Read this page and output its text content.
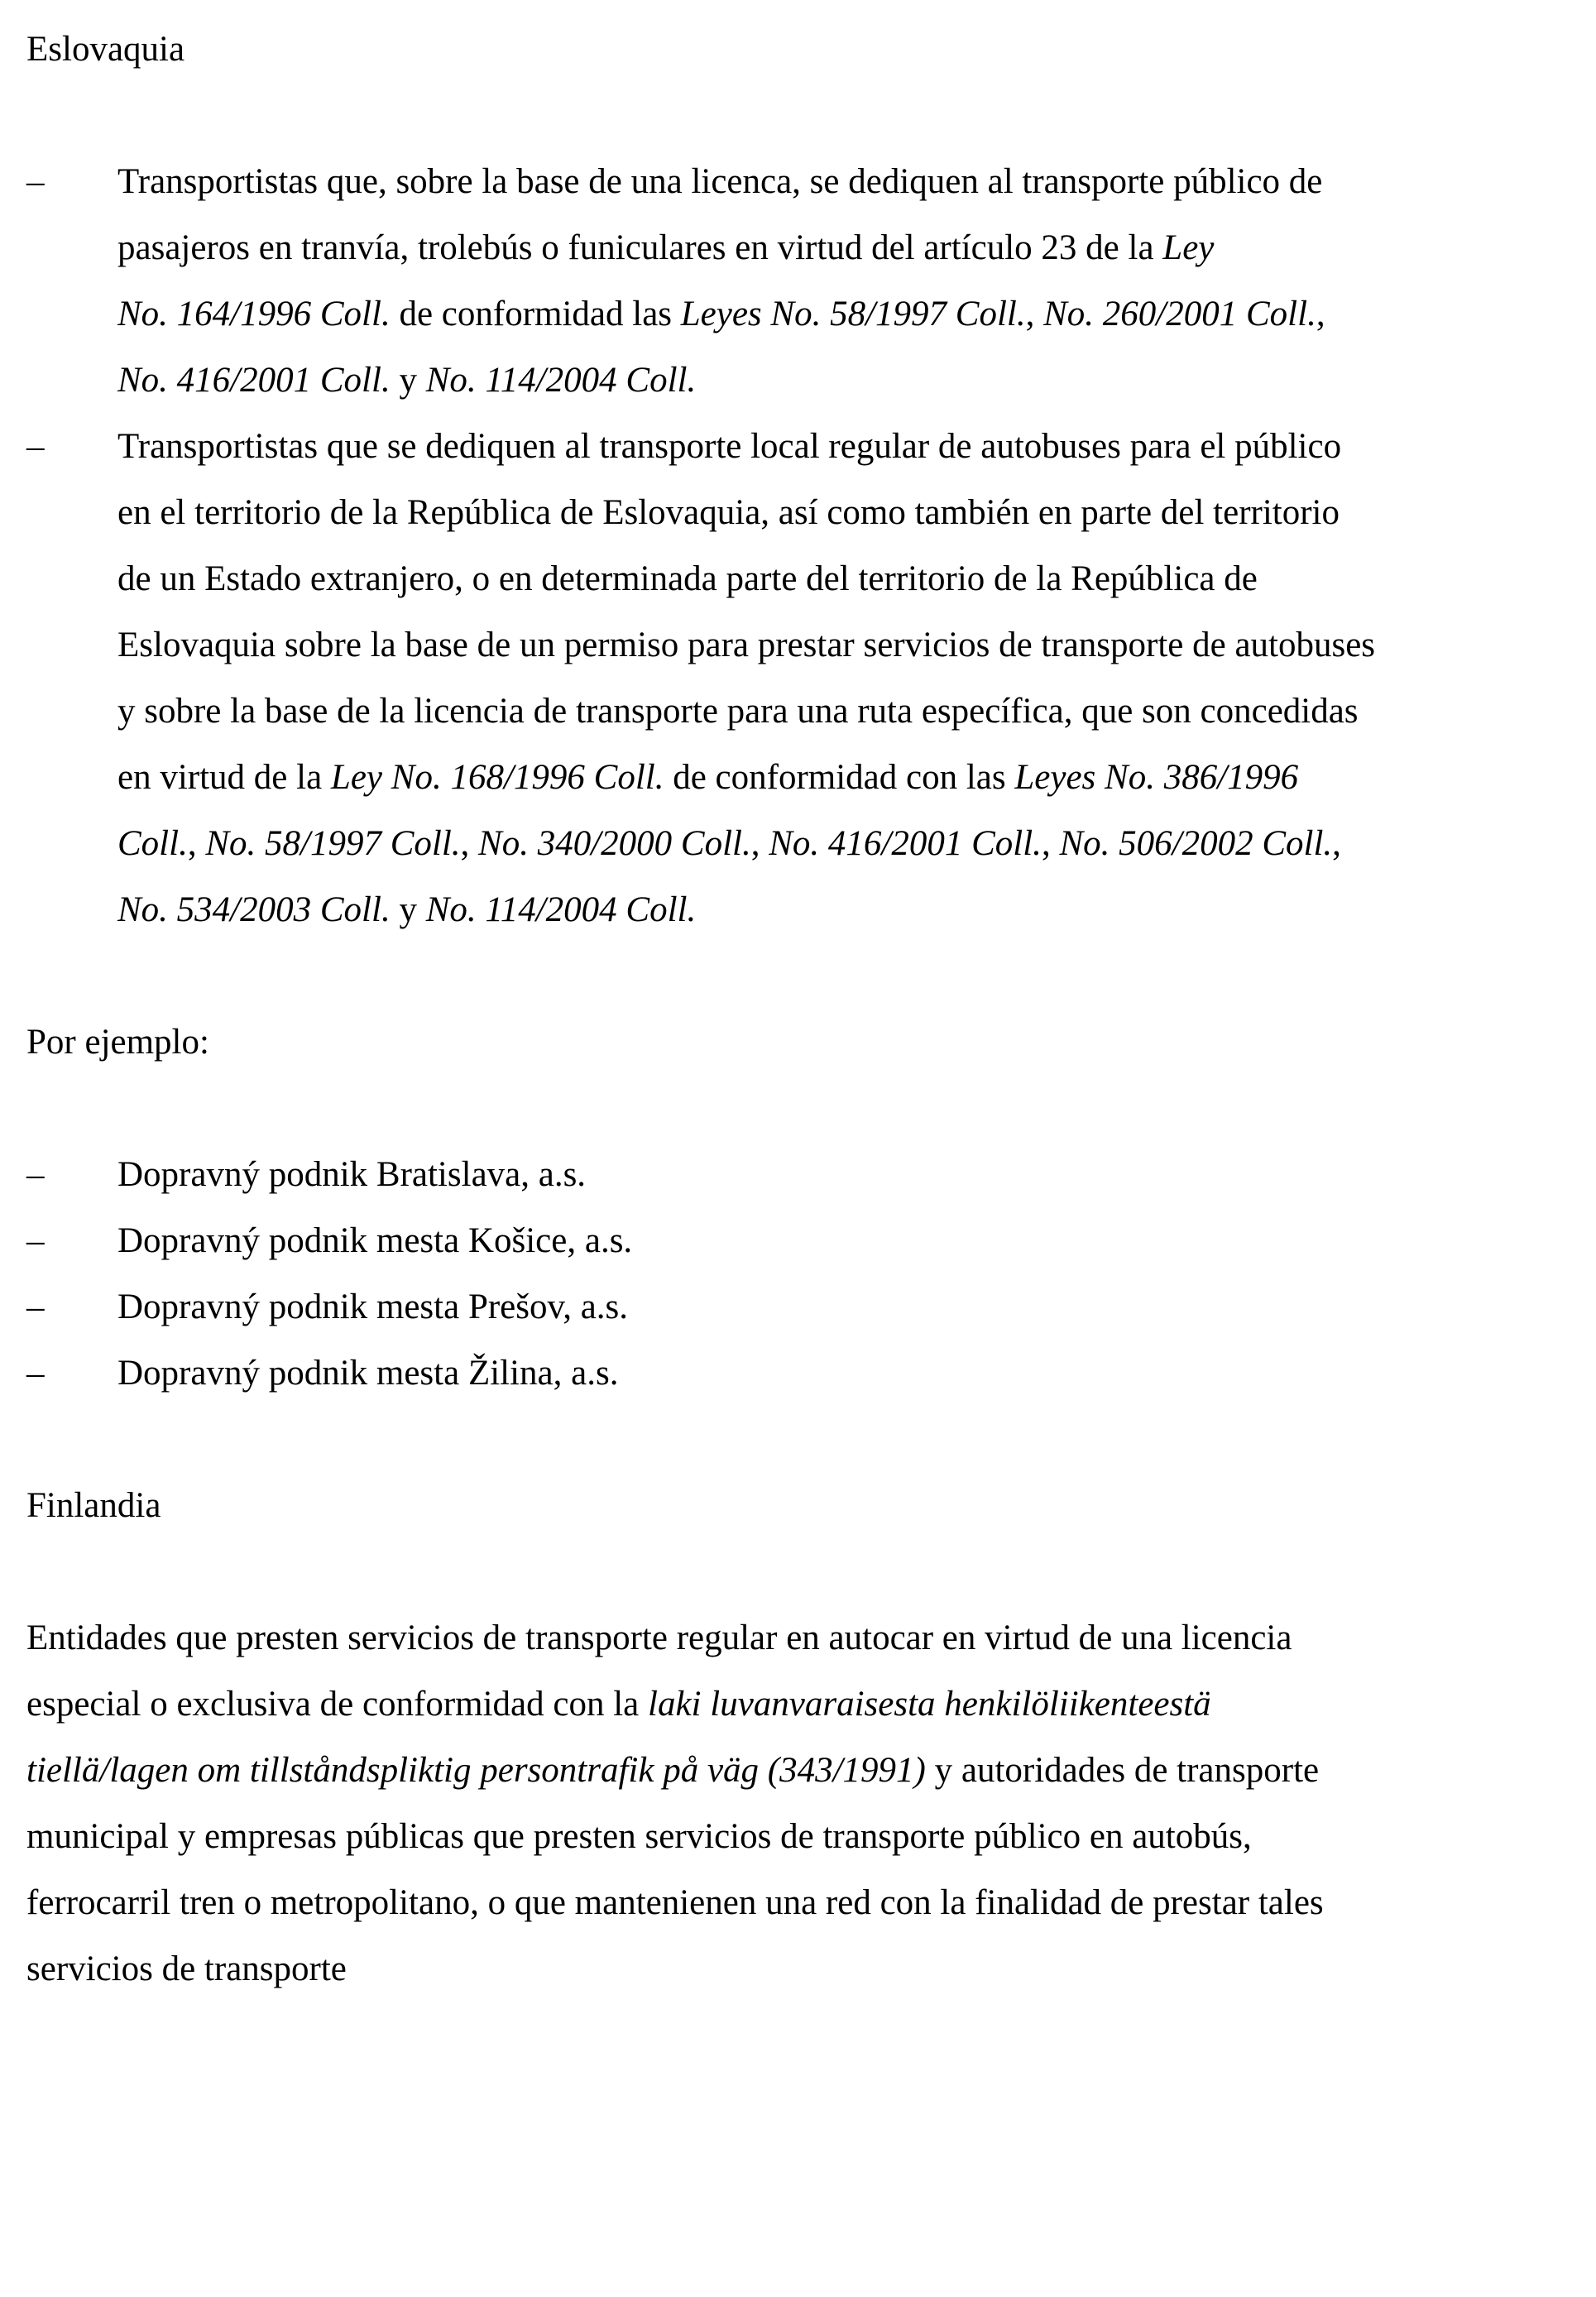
Eslovaquia

–	Transportistas que, sobre la base de una licenca, se dediquen al transporte público de
pasajeros en tranvía, trolebús o funiculares en virtud del artículo 23 de la Ley
No. 164/1996 Coll. de conformidad las Leyes No. 58/1997 Coll., No. 260/2001 Coll.,
No. 416/2001 Coll. y No. 114/2004 Coll.
–	Transportistas que se dediquen al transporte local regular de autobuses para el público
en el territorio de la República de Eslovaquia, así como también en parte del territorio
de un Estado extranjero, o en determinada parte del territorio de la República de
Eslovaquia sobre la base de un permiso para prestar servicios de transporte de autobuses
y sobre la base de la licencia de transporte para una ruta específica, que son concedidas
en virtud de la Ley No. 168/1996 Coll. de conformidad con las Leyes No. 386/1996
Coll., No. 58/1997 Coll., No. 340/2000 Coll., No. 416/2001 Coll., No. 506/2002 Coll.,
No. 534/2003 Coll. y No. 114/2004 Coll.

Por ejemplo:

–	Dopravný podnik Bratislava, a.s.
–	Dopravný podnik mesta Košice, a.s.
–	Dopravný podnik mesta Prešov, a.s.
–	Dopravný podnik mesta Žilina, a.s.

Finlandia

Entidades que presten servicios de transporte regular en autocar en virtud de una licencia
especial o exclusiva de conformidad con la laki luvanvaraisesta henkilöliikenteestä
tiellä/lagen om tillståndspliktig persontrafik på väg (343/1991) y autoridades de transporte
municipal y empresas públicas que presten servicios de transporte público en autobús,
ferrocarril tren o metropolitano, o que mantenienen una red con la finalidad de prestar tales
servicios de transporte
